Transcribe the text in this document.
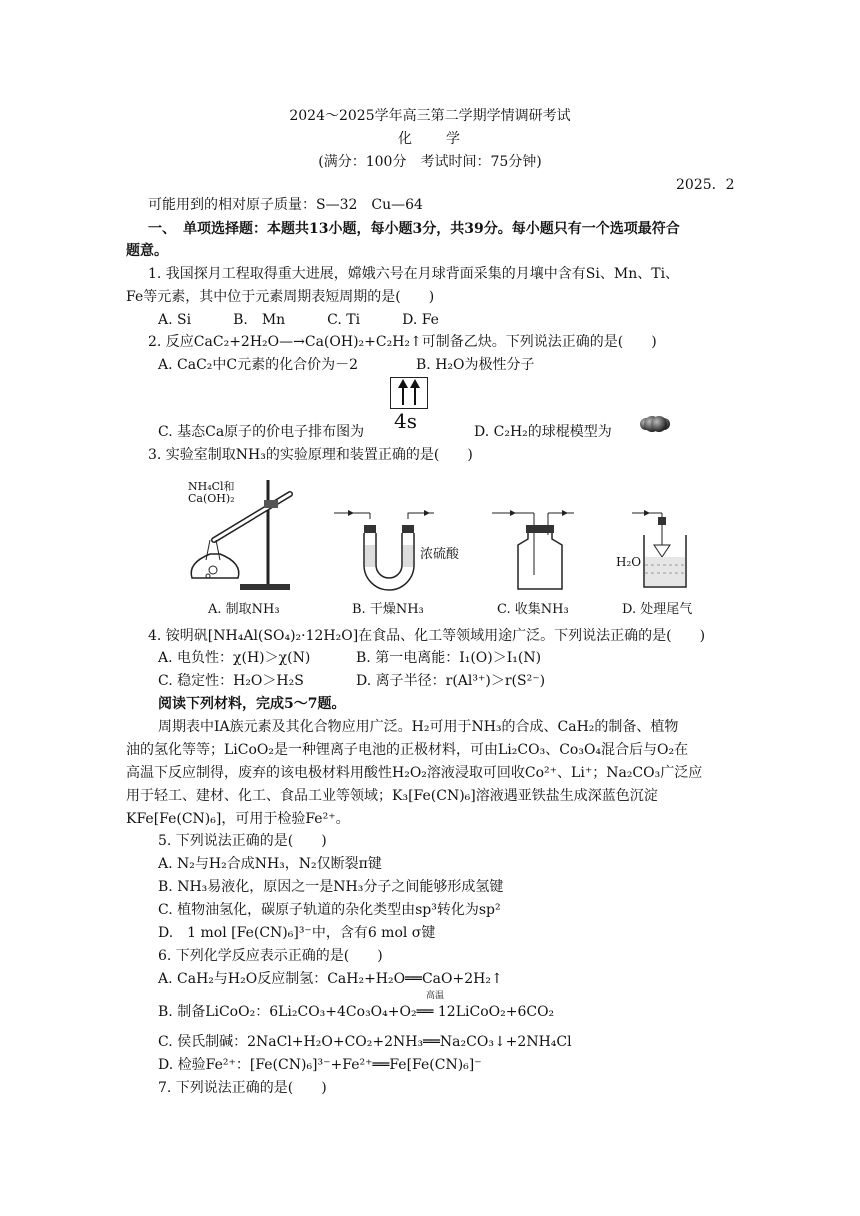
2024～2025学年高三第二学期学情调研考试
化　　学
(满分：100分　考试时间：75分钟)
2025．2
可能用到的相对原子质量：S—32　Cu—64
一、　单项选择题：本题共13小题，每小题3分，共39分。每小题只有一个选项最符合
题意。
1. 我国探月工程取得重大进展，嫦娥六号在月球背面采集的月壤中含有Si、Mn、Ti、
Fe等元素，其中位于元素周期表短周期的是(　　)
A. Si　　　B.　Mn　　　C. Ti　　　D. Fe
2. 反应CaC₂+2H₂O—→Ca(OH)₂+C₂H₂↑可制备乙炔。下列说法正确的是(　　)
A. CaC₂中C元素的化合价为－2	B. H₂O为极性分子
4s
C. 基态Ca原子的价电子排布图为	D. C₂H₂的球棍模型为
3. 实验室制取NH₃的实验原理和装置正确的是(　　)
NH₄Cl和
Ca(OH)₂
浓硫酸	H₂O
A. 制取NH₃	B. 干燥NH₃	C. 收集NH₃	D. 处理尾气
4. 铵明矾[NH₄Al(SO₄)₂·12H₂O]在食品、化工等领域用途广泛。下列说法正确的是(　　)
A. 电负性：χ(H)＞χ(N)	B. 第一电离能：I₁(O)＞I₁(N)
C. 稳定性：H₂O＞H₂S	D. 离子半径：r(Al³⁺)＞r(S²⁻)
阅读下列材料，完成5～7题。
周期表中ⅠA族元素及其化合物应用广泛。H₂可用于NH₃的合成、CaH₂的制备、植物
油的氢化等等；LiCoO₂是一种锂离子电池的正极材料，可由Li₂CO₃、Co₃O₄混合后与O₂在
高温下反应制得，废弃的该电极材料用酸性H₂O₂溶液浸取可回收Co²⁺、Li⁺；Na₂CO₃广泛应
用于轻工、建材、化工、食品工业等领域；K₃[Fe(CN)₆]溶液遇亚铁盐生成深蓝色沉淀
KFe[Fe(CN)₆]，可用于检验Fe²⁺。
5. 下列说法正确的是(　　)
A. N₂与H₂合成NH₃，N₂仅断裂π键
B. NH₃易液化，原因之一是NH₃分子之间能够形成氢键
C. 植物油氢化，碳原子轨道的杂化类型由sp³转化为sp²
D.　1 mol [Fe(CN)₆]³⁻中，含有6 mol σ键
6. 下列化学反应表示正确的是(　　)
A. CaH₂与H₂O反应制氢：CaH₂+H₂O══CaO+2H₂↑
高温
B. 制备LiCoO₂：6Li₂CO₃+4Co₃O₄+O₂══ 12LiCoO₂+6CO₂
C. 侯氏制碱：2NaCl+H₂O+CO₂+2NH₃══Na₂CO₃↓+2NH₄Cl
D. 检验Fe²⁺：[Fe(CN)₆]³⁻+Fe²⁺══Fe[Fe(CN)₆]⁻
7. 下列说法正确的是(　　)
